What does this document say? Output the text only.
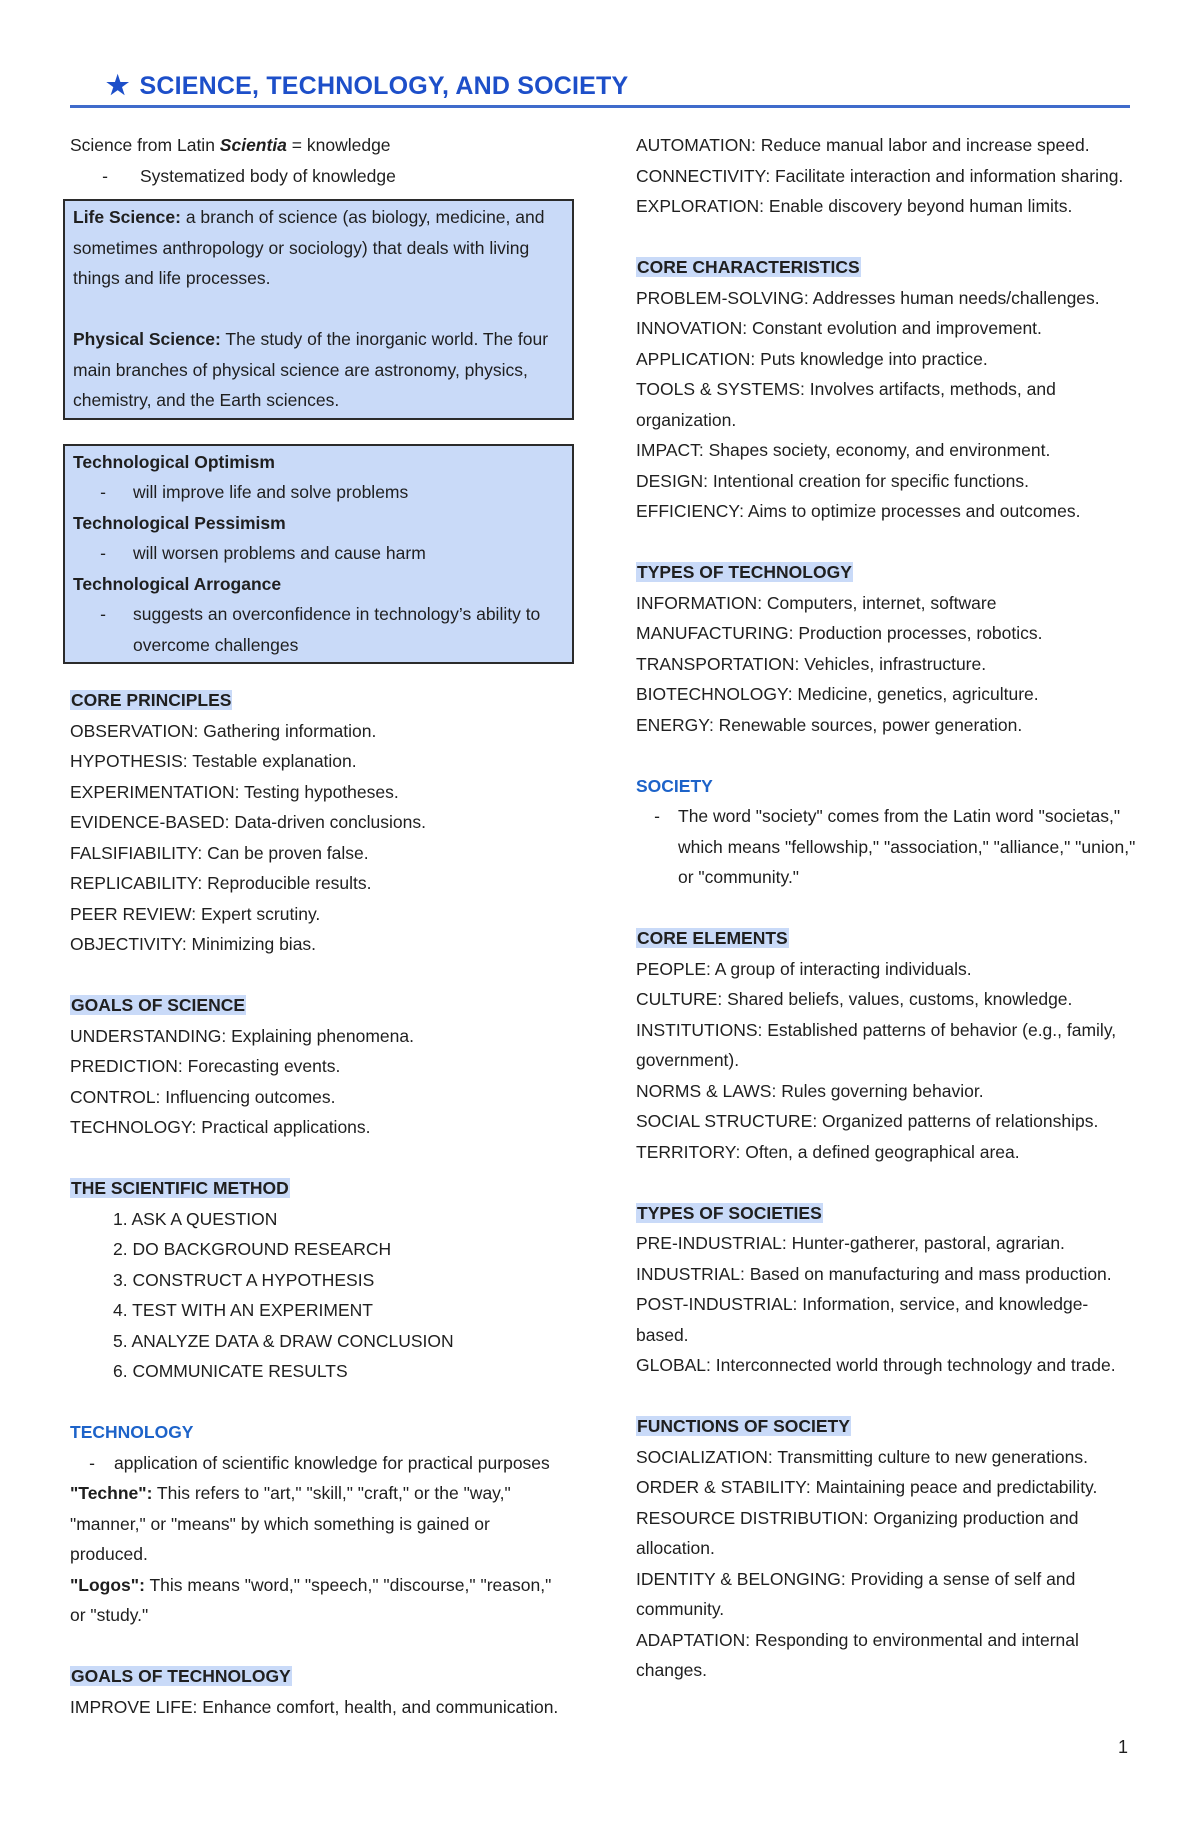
★ SCIENCE, TECHNOLOGY, AND SOCIETY
Science from Latin Scientia = knowledge
-	Systematized body of knowledge
Life Science: a branch of science (as biology, medicine, and sometimes anthropology or sociology) that deals with living things and life processes.
Physical Science: The study of the inorganic world. The four main branches of physical science are astronomy, physics, chemistry, and the Earth sciences.
Technological Optimism
-	will improve life and solve problems
Technological Pessimism
-	will worsen problems and cause harm
Technological Arrogance
-	suggests an overconfidence in technology’s ability to overcome challenges
CORE PRINCIPLES
OBSERVATION: Gathering information.
HYPOTHESIS: Testable explanation.
EXPERIMENTATION: Testing hypotheses.
EVIDENCE-BASED: Data-driven conclusions.
FALSIFIABILITY: Can be proven false.
REPLICABILITY: Reproducible results.
PEER REVIEW: Expert scrutiny.
OBJECTIVITY: Minimizing bias.
GOALS OF SCIENCE
UNDERSTANDING: Explaining phenomena.
PREDICTION: Forecasting events.
CONTROL: Influencing outcomes.
TECHNOLOGY: Practical applications.
THE SCIENTIFIC METHOD
1. ASK A QUESTION
2. DO BACKGROUND RESEARCH
3. CONSTRUCT A HYPOTHESIS
4. TEST WITH AN EXPERIMENT
5. ANALYZE DATA & DRAW CONCLUSION
6. COMMUNICATE RESULTS
TECHNOLOGY
-	application of scientific knowledge for practical purposes
"Techne": This refers to "art," "skill," "craft," or the "way," "manner," or "means" by which something is gained or produced.
"Logos": This means "word," "speech," "discourse," "reason," or "study."
GOALS OF TECHNOLOGY
IMPROVE LIFE: Enhance comfort, health, and communication.
AUTOMATION: Reduce manual labor and increase speed.
CONNECTIVITY: Facilitate interaction and information sharing.
EXPLORATION: Enable discovery beyond human limits.
CORE CHARACTERISTICS
PROBLEM-SOLVING: Addresses human needs/challenges.
INNOVATION: Constant evolution and improvement.
APPLICATION: Puts knowledge into practice.
TOOLS & SYSTEMS: Involves artifacts, methods, and organization.
IMPACT: Shapes society, economy, and environment.
DESIGN: Intentional creation for specific functions.
EFFICIENCY: Aims to optimize processes and outcomes.
TYPES OF TECHNOLOGY
INFORMATION: Computers, internet, software
MANUFACTURING: Production processes, robotics.
TRANSPORTATION: Vehicles, infrastructure.
BIOTECHNOLOGY: Medicine, genetics, agriculture.
ENERGY: Renewable sources, power generation.
SOCIETY
-	The word "society" comes from the Latin word "societas," which means "fellowship," "association," "alliance," "union," or "community."
CORE ELEMENTS
PEOPLE: A group of interacting individuals.
CULTURE: Shared beliefs, values, customs, knowledge.
INSTITUTIONS: Established patterns of behavior (e.g., family, government).
NORMS & LAWS: Rules governing behavior.
SOCIAL STRUCTURE: Organized patterns of relationships.
TERRITORY: Often, a defined geographical area.
TYPES OF SOCIETIES
PRE-INDUSTRIAL: Hunter-gatherer, pastoral, agrarian.
INDUSTRIAL: Based on manufacturing and mass production.
POST-INDUSTRIAL: Information, service, and knowledge-based.
GLOBAL: Interconnected world through technology and trade.
FUNCTIONS OF SOCIETY
SOCIALIZATION: Transmitting culture to new generations.
ORDER & STABILITY: Maintaining peace and predictability.
RESOURCE DISTRIBUTION: Organizing production and allocation.
IDENTITY & BELONGING: Providing a sense of self and community.
ADAPTATION: Responding to environmental and internal changes.
1
